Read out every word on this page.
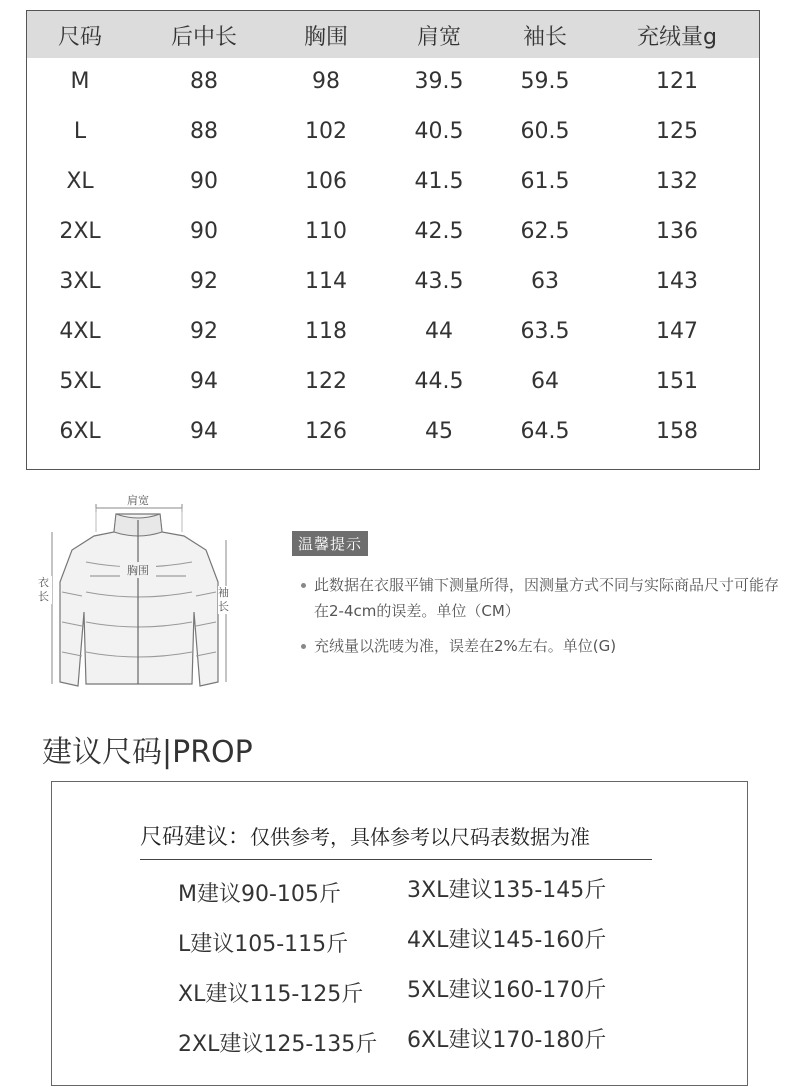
尺码	后中长	胸围	肩宽	袖长	充绒量g
M	88	98	39.5	59.5	121
L	88	102	40.5	60.5	125
XL	90	106	41.5	61.5	132
2XL	90	110	42.5	62.5	136
3XL	92	114	43.5	63	143
4XL	92	118	44	63.5	147
5XL	94	122	44.5	64	151
6XL	94	126	45	64.5	158
肩宽
胸围
衣长	袖长
温馨提示
此数据在衣服平铺下测量所得，因测量方式不同与实际商品尺寸可能存在2-4cm的误差。单位（CM）
充绒量以洗唛为准，误差在2%左右。单位(G)
建议尺码|PROP
尺码建议：仅供参考，具体参考以尺码表数据为准
M建议90-105斤
L建议105-115斤
XL建议115-125斤
2XL建议125-135斤
3XL建议135-145斤
4XL建议145-160斤
5XL建议160-170斤
6XL建议170-180斤
